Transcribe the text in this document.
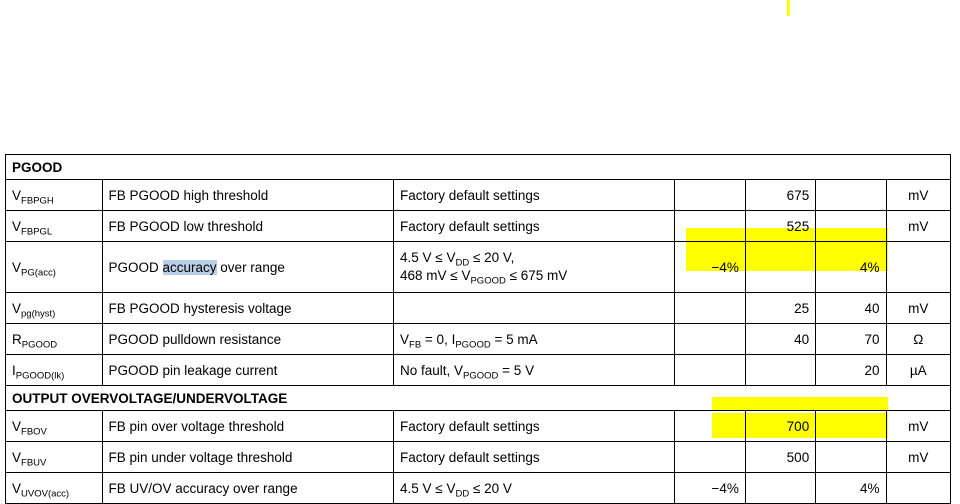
PGOOD						
$V_{FBPGH}$	FB PGOOD high threshold	Factory default settings		675		mV
$V_{FBPGL}$	FB PGOOD low threshold	Factory default settings		525		mV
$V_{PG(acc)}$	PGOOD accuracy over range	4.5 $V \le V_{DD} \le 20$ V,
468 mV ≤ $V_{PGOOD} \le 675$ mV	−4%		4%	
$V_{pg(hyst)}$	FB PGOOD hysteresis voltage			25	40	mV
$R_{PGOOD}$	PGOOD pulldown resistance	$V_{FB} = 0$, $I_{PGOOD} = 5$ mA		40	70	Ω
$I_{PGOOD(lk)}$	PGOOD pin leakage current	No fault, $V_{PGOOD} = 5$ V			20	µA
OUTPUT OVERVOLTAGE/UNDERVOLTAGE						
$V_{FBOV}$	FB pin over voltage threshold	Factory default settings		700		mV
$V_{FBUV}$	FB pin under voltage threshold	Factory default settings		500		mV
$V_{UVOV(acc)}$	FB UV/OV accuracy over range	4.5 $V \le V_{DD} \le 20$ V	−4%		4%	
